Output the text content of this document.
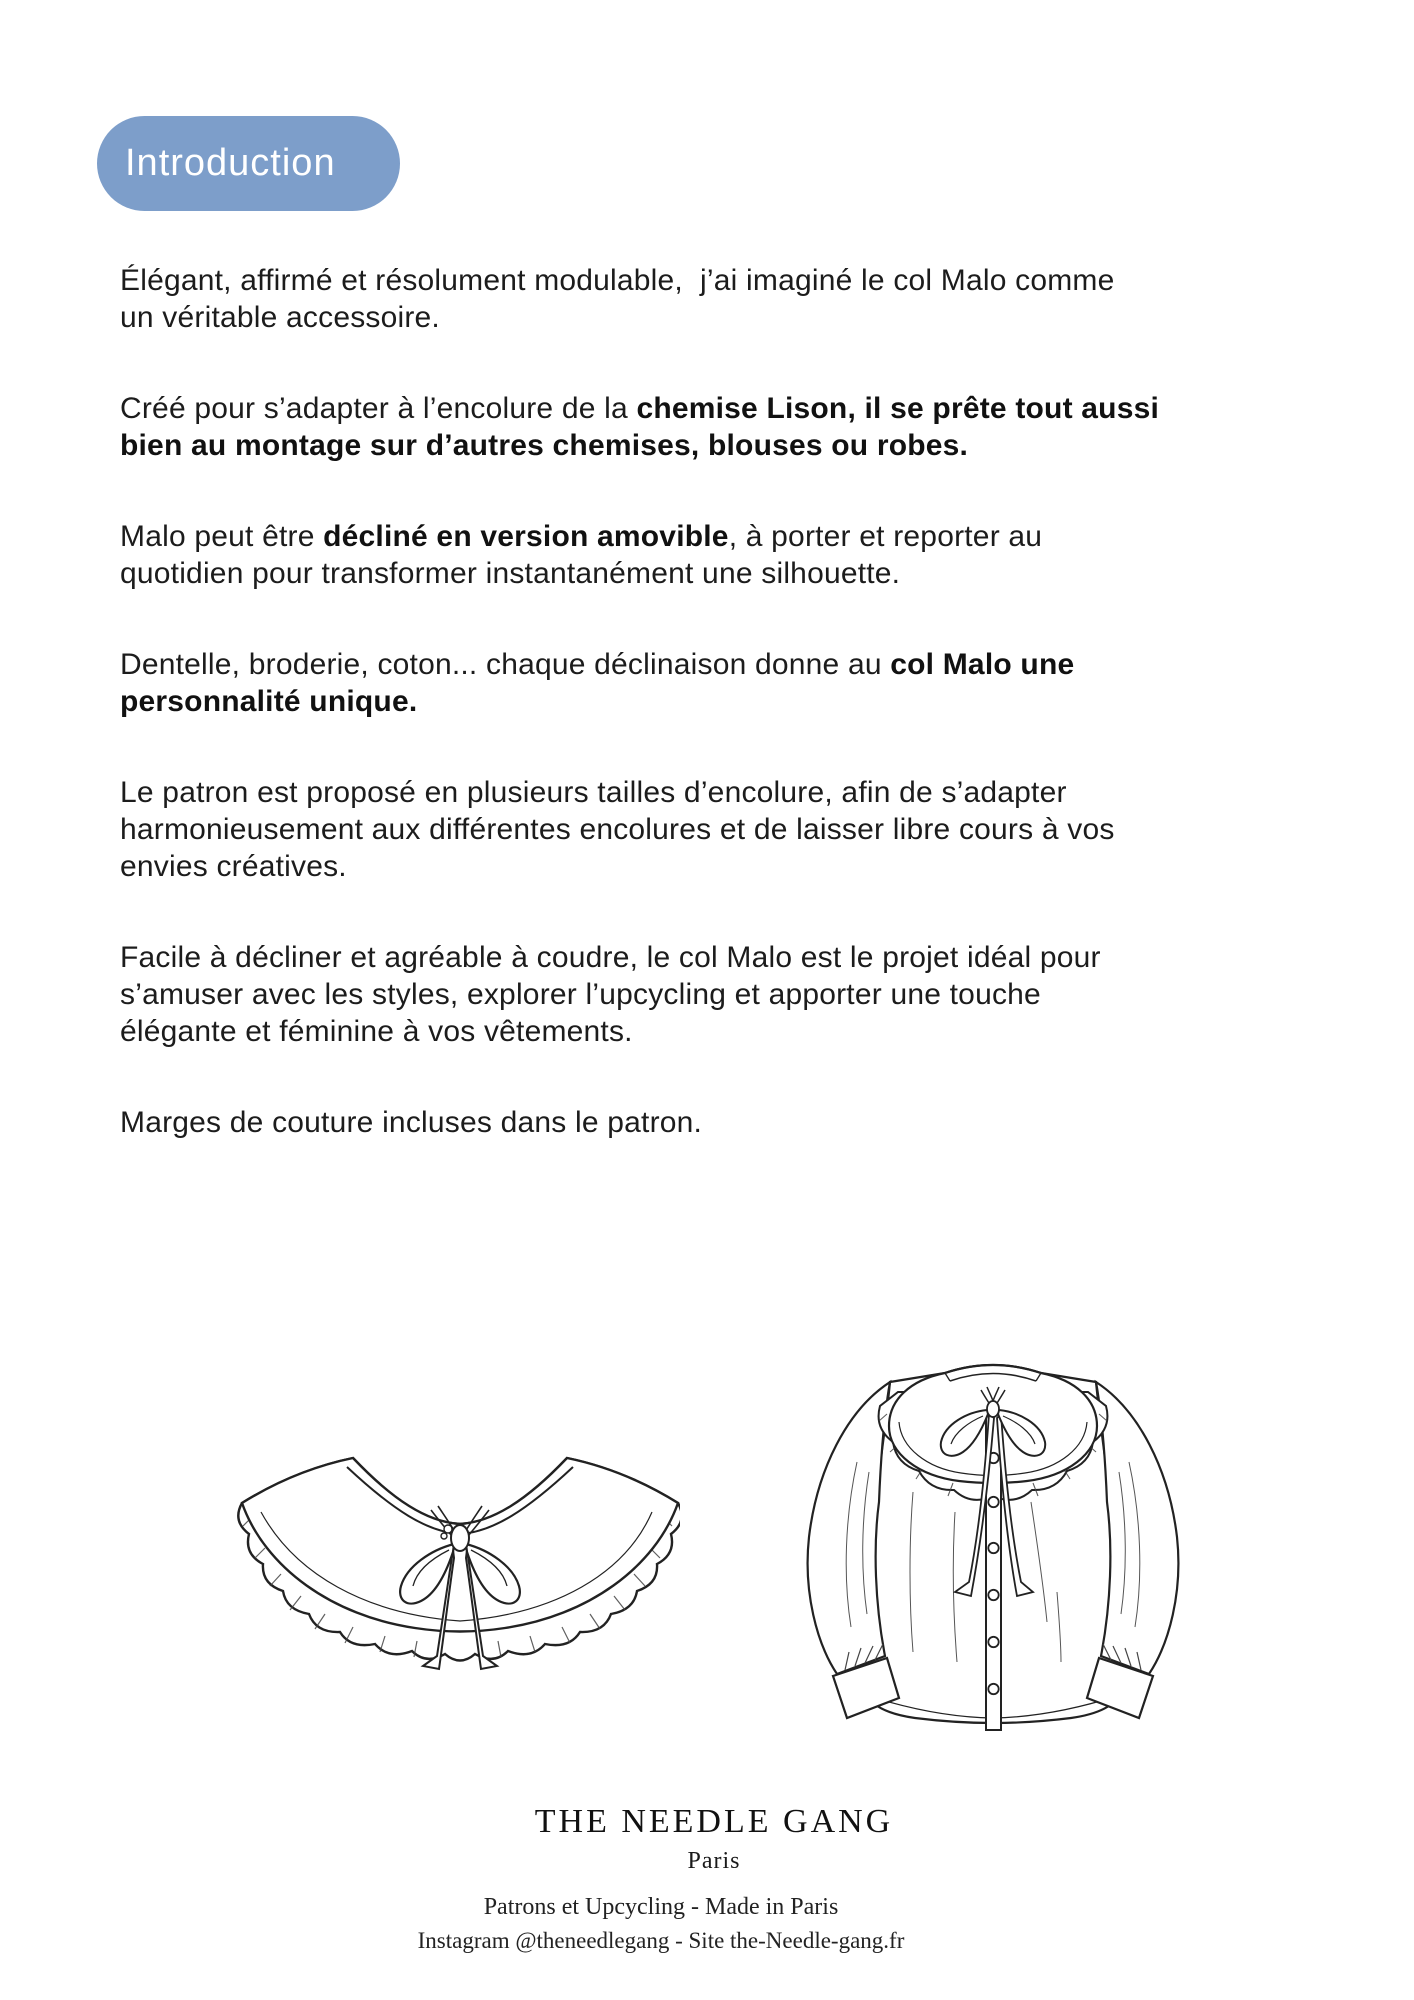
Introduction

Élégant, affirmé et résolument modulable,  j’ai imaginé le col Malo comme
un véritable accessoire.

Créé pour s’adapter à l’encolure de la chemise Lison, il se prête tout aussi
bien au montage sur d’autres chemises, blouses ou robes.

Malo peut être décliné en version amovible, à porter et reporter au
quotidien pour transformer instantanément une silhouette.

Dentelle, broderie, coton... chaque déclinaison donne au col Malo une
personnalité unique.

Le patron est proposé en plusieurs tailles d’encolure, afin de s’adapter
harmonieusement aux différentes encolures et de laisser libre cours à vos
envies créatives.

Facile à décliner et agréable à coudre, le col Malo est le projet idéal pour
s’amuser avec les styles, explorer l’upcycling et apporter une touche
élégante et féminine à vos vêtements.

Marges de couture incluses dans le patron.

THE NEEDLE GANG
Paris
Patrons et Upcycling - Made in Paris
Instagram @theneedlegang - Site the-Needle-gang.fr
